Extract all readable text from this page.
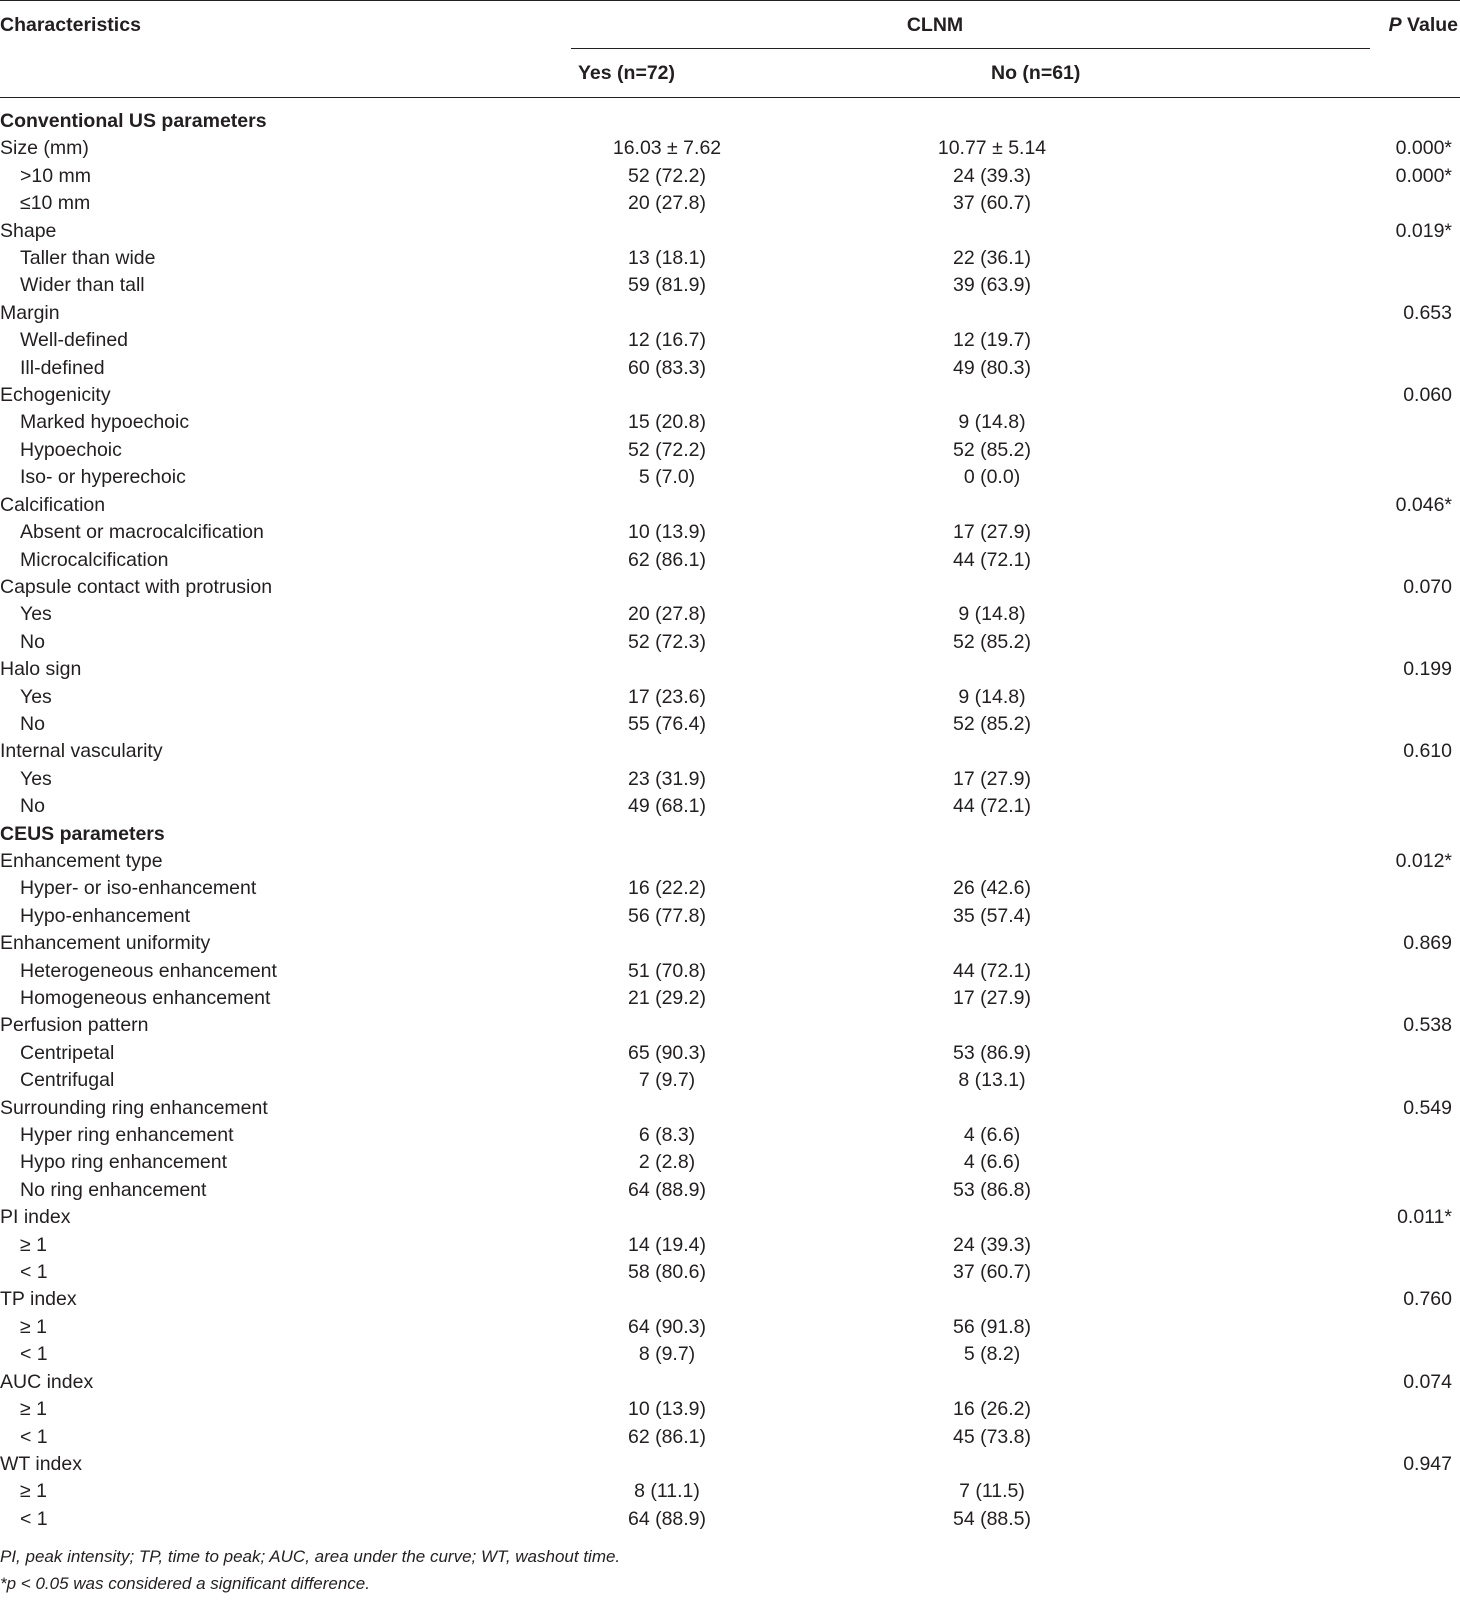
Characteristics	CLNM	P Value
	Yes (n=72)	No (n=61)	
Conventional US parameters			
Size (mm)	16.03 ± 7.62	10.77 ± 5.14	0.000*
>10 mm	52 (72.2)	24 (39.3)	0.000*
≤10 mm	20 (27.8)	37 (60.7)	
Shape			0.019*
Taller than wide	13 (18.1)	22 (36.1)	
Wider than tall	59 (81.9)	39 (63.9)	
Margin			0.653
Well-defined	12 (16.7)	12 (19.7)	
Ill-defined	60 (83.3)	49 (80.3)	
Echogenicity			0.060
Marked hypoechoic	15 (20.8)	9 (14.8)	
Hypoechoic	52 (72.2)	52 (85.2)	
Iso- or hyperechoic	5 (7.0)	0 (0.0)	
Calcification			0.046*
Absent or macrocalcification	10 (13.9)	17 (27.9)	
Microcalcification	62 (86.1)	44 (72.1)	
Capsule contact with protrusion			0.070
Yes	20 (27.8)	9 (14.8)	
No	52 (72.3)	52 (85.2)	
Halo sign			0.199
Yes	17 (23.6)	9 (14.8)	
No	55 (76.4)	52 (85.2)	
Internal vascularity			0.610
Yes	23 (31.9)	17 (27.9)	
No	49 (68.1)	44 (72.1)	
CEUS parameters			
Enhancement type			0.012*
Hyper- or iso-enhancement	16 (22.2)	26 (42.6)	
Hypo-enhancement	56 (77.8)	35 (57.4)	
Enhancement uniformity			0.869
Heterogeneous enhancement	51 (70.8)	44 (72.1)	
Homogeneous enhancement	21 (29.2)	17 (27.9)	
Perfusion pattern			0.538
Centripetal	65 (90.3)	53 (86.9)	
Centrifugal	7 (9.7)	8 (13.1)	
Surrounding ring enhancement			0.549
Hyper ring enhancement	6 (8.3)	4 (6.6)	
Hypo ring enhancement	2 (2.8)	4 (6.6)	
No ring enhancement	64 (88.9)	53 (86.8)	
PI index			0.011*
≥ 1	14 (19.4)	24 (39.3)	
< 1	58 (80.6)	37 (60.7)	
TP index			0.760
≥ 1	64 (90.3)	56 (91.8)	
< 1	8 (9.7)	5 (8.2)	
AUC index			0.074
≥ 1	10 (13.9)	16 (26.2)	
< 1	62 (86.1)	45 (73.8)	
WT index			0.947
≥ 1	8 (11.1)	7 (11.5)	
< 1	64 (88.9)	54 (88.5)	

PI, peak intensity; TP, time to peak; AUC, area under the curve; WT, washout time.

*p < 0.05 was considered a significant difference.
